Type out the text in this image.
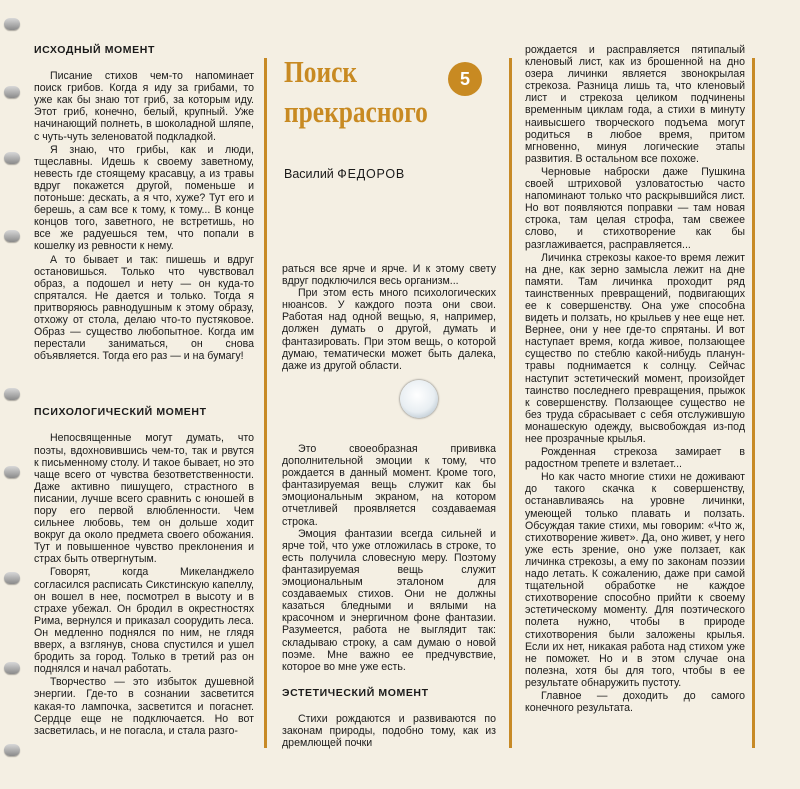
ИСХОДНЫЙ МОМЕНТ

Писание стихов чем-то напоминает поиск грибов. Когда я иду за грибами, то уже как бы знаю тот гриб, за которым иду. Этот гриб, конечно, белый, крупный. Уже начинающий полнеть, в шоколадной шляпе, с чуть-чуть зеленоватой подкладкой.

Я знаю, что грибы, как и люди, тщеславны. Идешь к своему заветному, невесть где стоящему красавцу, а из травы вдруг покажется другой, поменьше и потоньше: дескать, а я что, хуже? Тут его и берешь, а сам все к тому, к тому... В конце концов того, заветного, не встретишь, но все же радуешься тем, что попали в кошелку из ревности к нему.

А то бывает и так: пишешь и вдруг остановишься. Только что чувствовал образ, а подошел и нету — он куда-то спрятался. Не дается и только. Тогда я притворяюсь равнодушным к этому образу, отхожу от стола, делаю что-то пустяковое. Образ — существо любопытное. Когда им перестали заниматься, он снова объявляется. Тогда его раз — и на бумагу!

ПСИХОЛОГИЧЕСКИЙ МОМЕНТ

Непосвященные могут думать, что поэты, вдохновившись чем-то, так и рвутся к письменному столу. И такое бывает, но это чаще всего от чувства безответственности. Даже активно пишущего, страстного в писании, лучше всего сравнить с юношей в пору его первой влюбленности. Чем сильнее любовь, тем он дольше ходит вокруг да около предмета своего обожания. Тут и повышенное чувство преклонения и страх быть отвергнутым.

Говорят, когда Микеланджело согласился расписать Сикстинскую капеллу, он вошел в нее, посмотрел в высоту и в страхе убежал. Он бродил в окрестностях Рима, вернулся и приказал соорудить леса. Он медленно поднялся по ним, не глядя вверх, а взглянув, снова спустился и ушел бродить за город. Только в третий раз он поднялся и начал работать.

Творчество — это избыток душевной энергии. Где-то в сознании засветится какая-то лампочка, засветится и погаснет. Сердце еще не подключается. Но вот засветилась, и не погасла, и стала разго-

Поиск
прекрасного
5
Василий ФЕДОРОВ

раться все ярче и ярче. И к этому свету вдруг подключился весь организм...

При этом есть много психологических нюансов. У каждого поэта они свои. Работая над одной вещью, я, например, должен думать о другой, думать и фантазировать. При этом вещь, о которой думаю, тематически может быть далека, даже из другой области.

Это своеобразная прививка дополнительной эмоции к тому, что рождается в данный момент. Кроме того, фантазируемая вещь служит как бы эмоциональным экраном, на котором отчетливей проявляется создаваемая строка.

Эмоция фантазии всегда сильней и ярче той, что уже отложилась в строке, то есть получила словесную меру. Поэтому фантазируемая вещь служит эмоциональным эталоном для создаваемых стихов. Они не должны казаться бледными и вялыми на красочном и энергичном фоне фантазии. Разумеется, работа не выглядит так: складываю строку, а сам думаю о новой поэме. Мне важно ее предчувствие, которое во мне уже есть.

ЭСТЕТИЧЕСКИЙ МОМЕНТ

Стихи рождаются и развиваются по законам природы, подобно тому, как из дремлющей почки

рождается и расправляется пятипалый кленовый лист, как из брошенной на дно озера личинки является звонокрылая стрекоза. Разница лишь та, что кленовый лист и стрекоза целиком подчинены временным циклам года, а стихи в минуту наивысшего творческого подъема могут родиться в любое время, притом мгновенно, минуя логические этапы развития. В остальном все похоже.

Черновые наброски даже Пушкина своей штриховой узловатостью часто напоминают только что раскрывшийся лист. Но вот появляются поправки — там новая строка, там целая строфа, там свежее слово, и стихотворение как бы разглаживается, расправляется...

Личинка стрекозы какое-то время лежит на дне, как зерно замысла лежит на дне памяти. Там личинка проходит ряд таинственных превращений, подвигающих ее к совершенству. Она уже способна видеть и ползать, но крыльев у нее еще нет. Вернее, они у нее где-то спрятаны. И вот наступает время, когда живое, ползающее существо по стеблю какой-нибудь планун-травы поднимается к солнцу. Сейчас наступит эстетический момент, произойдет таинство последнего превращения, прыжок к совершенству. Ползающее существо не без труда сбрасывает с себя отслужившую монашескую одежду, высвобождая из-под нее прозрачные крылья.

Рожденная стрекоза замирает в радостном трепете и взлетает...

Но как часто многие стихи не доживают до такого скачка к совершенству, останавливаясь на уровне личинки, умеющей только плавать и ползать. Обсуждая такие стихи, мы говорим: «Что ж, стихотворение живет». Да, оно живет, у него уже есть зрение, оно уже ползает, как личинка стрекозы, а ему по законам поэзии надо летать. К сожалению, даже при самой тщательной обработке не каждое стихотворение способно прийти к своему эстетическому моменту. Для поэтического полета нужно, чтобы в природе стихотворения были заложены крылья. Если их нет, никакая работа над стихом уже не поможет. Но и в этом случае она полезна, хотя бы для того, чтобы в ее результате обнаружить пустоту.

Главное — доходить до самого конечного результата.
